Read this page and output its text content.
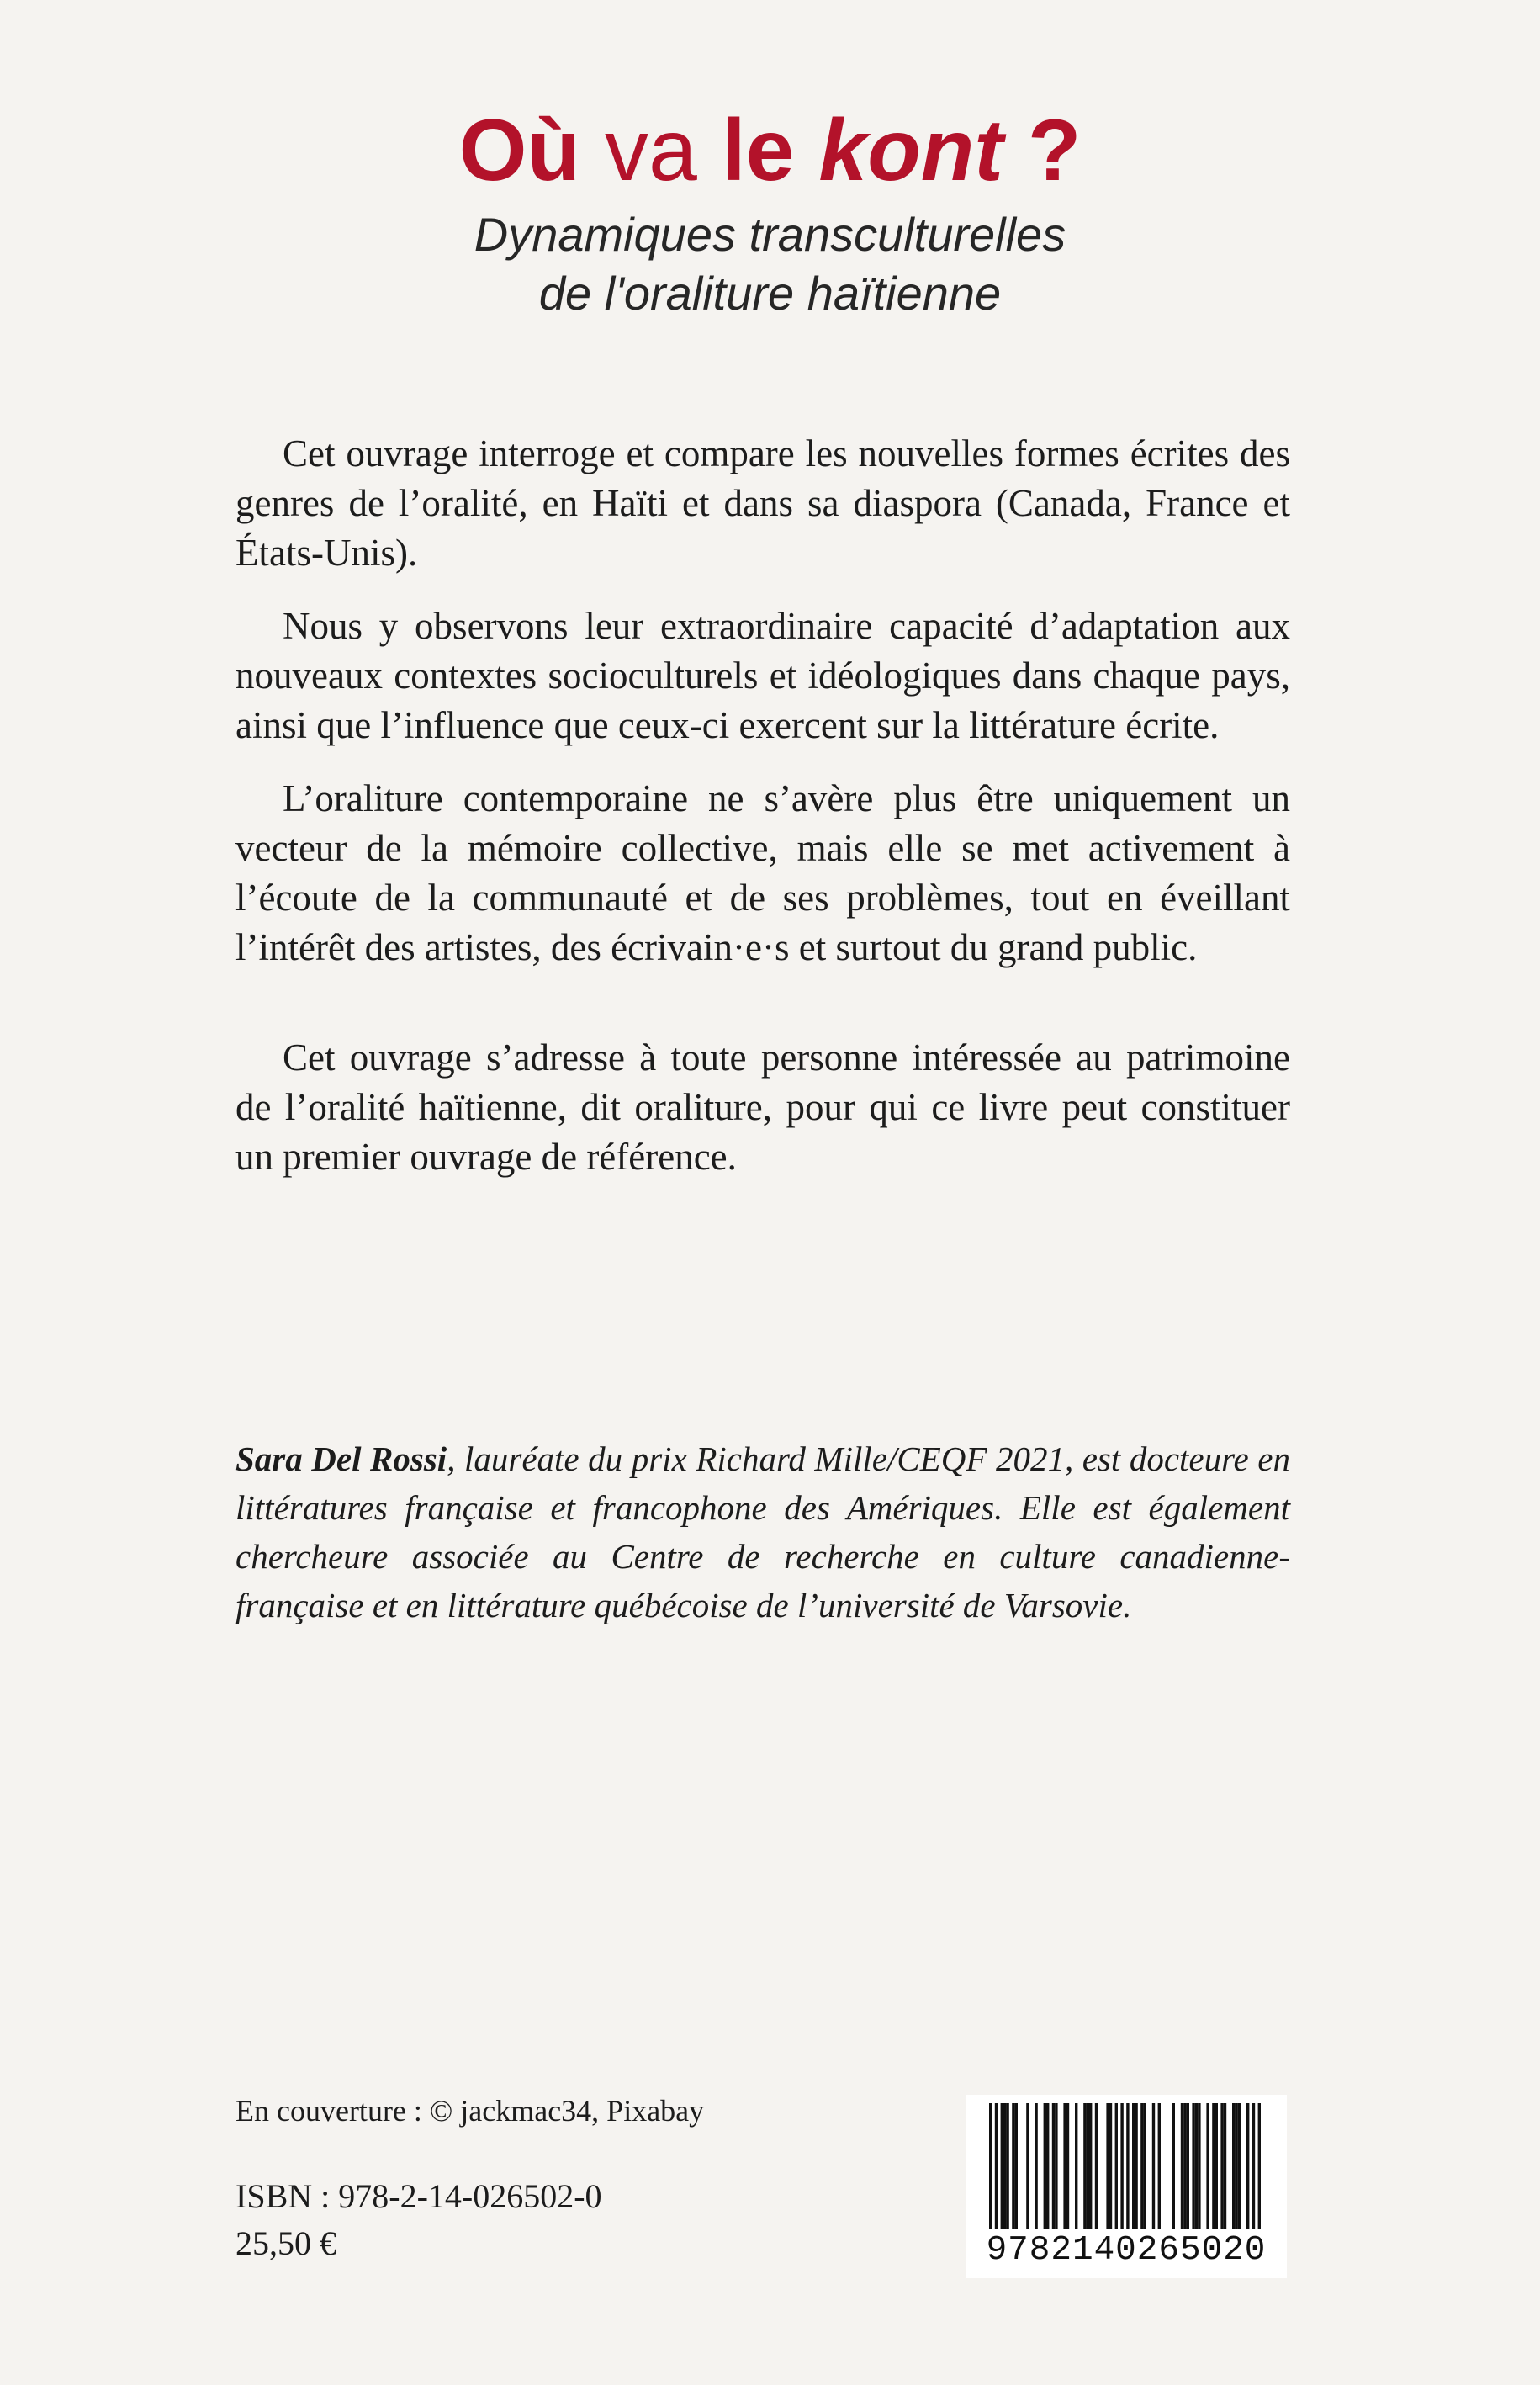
Où va le kont ?
Dynamiques transculturelles
de l'oraliture haïtienne

Cet ouvrage interroge et compare les nouvelles formes écrites des genres de l’oralité, en Haïti et dans sa diaspora (Canada, France et États-Unis).

Nous y observons leur extraordinaire capacité d’adaptation aux nouveaux contextes socioculturels et idéologiques dans chaque pays, ainsi que l’influence que ceux-ci exercent sur la littérature écrite.

L’oraliture contemporaine ne s’avère plus être uniquement un vecteur de la mémoire collective, mais elle se met activement à l’écoute de la communauté et de ses problèmes, tout en éveillant l’intérêt des artistes, des écrivain·e·s et surtout du grand public.

Cet ouvrage s’adresse à toute personne intéressée au patrimoine de l’oralité haïtienne, dit oraliture, pour qui ce livre peut constituer un premier ouvrage de référence.

Sara Del Rossi, lauréate du prix Richard Mille/CEQF 2021, est docteure en littératures française et francophone des Amériques. Elle est également chercheure associée au Centre de recherche en culture canadienne-française et en littérature québécoise de l’université de Varsovie.
En couverture : © jackmac34, Pixabay
ISBN : 978-2-14-026502-0
25,50 €	9782140265020
